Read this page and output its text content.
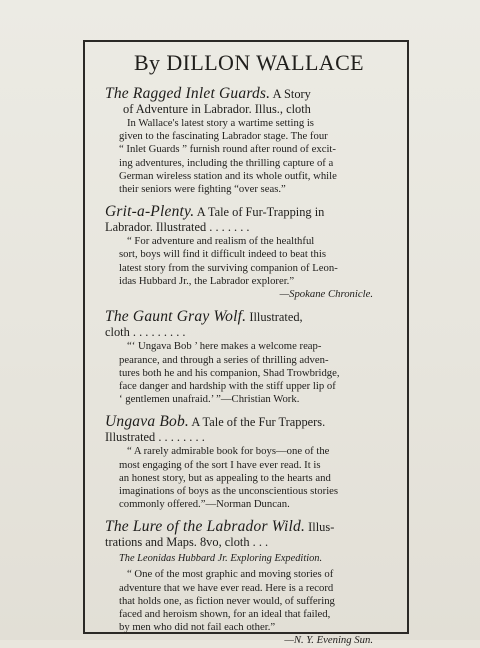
By DILLON WALLACE

The Ragged Inlet Guards. A Story

of Adventure in Labrador. Illus., cloth

In Wallace's latest story a wartime setting is

given to the fascinating Labrador stage. The four

“ Inlet Guards ” furnish round after round of excit-

ing adventures, including the thrilling capture of a

German wireless station and its whole outfit, while

their seniors were fighting “over seas.”

Grit-a-Plenty. A Tale of Fur-Trapping in

Labrador. Illustrated . . . . . . .

“ For adventure and realism of the healthful

sort, boys will find it difficult indeed to beat this

latest story from the surviving companion of Leon-

idas Hubbard Jr., the Labrador explorer.”

—Spokane Chronicle.

The Gaunt Gray Wolf. Illustrated,

cloth . . . . . . . . .

“‘ Ungava Bob ’ here makes a welcome reap-

pearance, and through a series of thrilling adven-

tures both he and his companion, Shad Trowbridge,

face danger and hardship with the stiff upper lip of

‘ gentlemen unafraid.’ ”—Christian Work.

Ungava Bob. A Tale of the Fur Trappers.

Illustrated . . . . . . . .

“ A rarely admirable book for boys—one of the

most engaging of the sort I have ever read. It is

an honest story, but as appealing to the hearts and

imaginations of boys as the unconscientious stories

commonly offered.”—Norman Duncan.

The Lure of the Labrador Wild. Illus-

trations and Maps. 8vo, cloth . . .

The Leonidas Hubbard Jr. Exploring Expedition.

“ One of the most graphic and moving stories of

adventure that we have ever read. Here is a record

that holds one, as fiction never would, of suffering

faced and heroism shown, for an ideal that failed,

by men who did not fail each other.”

—N. Y. Evening Sun.
